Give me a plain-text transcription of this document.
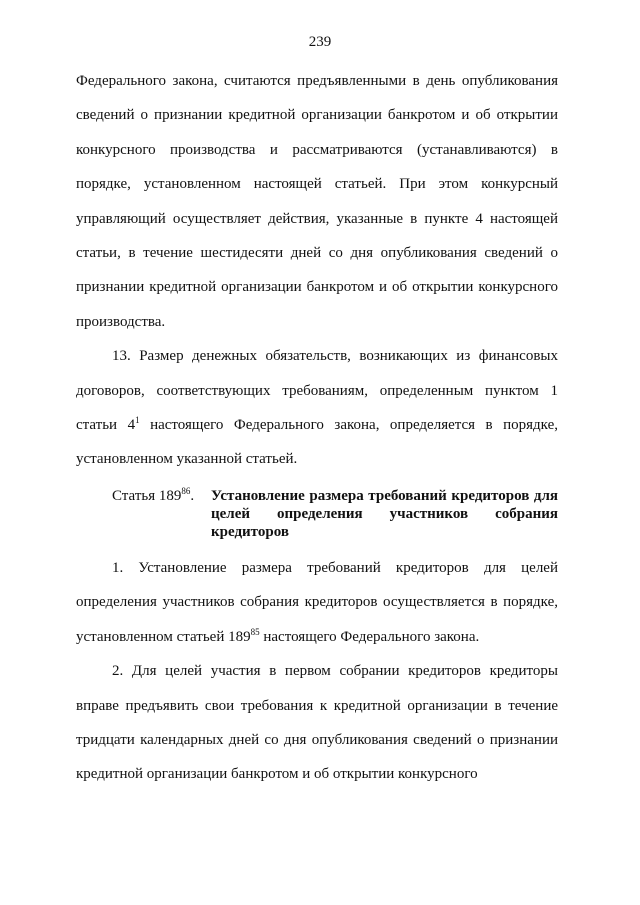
239

Федерального закона, считаются предъявленными в день опубликования сведений о признании кредитной организации банкротом и об открытии конкурсного производства и рассматриваются (устанавливаются) в порядке, установленном настоящей статьей. При этом конкурсный управляющий осуществляет действия, указанные в пункте 4 настоящей статьи, в течение шестидесяти дней со дня опубликования сведений о признании кредитной организации банкротом и об открытии конкурсного производства.

13. Размер денежных обязательств, возникающих из финансовых договоров, соответствующих требованиям, определенным пунктом 1 статьи $4^1$ настоящего Федерального закона, определяется в порядке, установленном указанной статьей.

Статья $189^{86}$. Установление размера требований кредиторов для целей определения участников собрания кредиторов

1. Установление размера требований кредиторов для целей определения участников собрания кредиторов осуществляется в порядке, установленном статьей $189^{85}$ настоящего Федерального закона.

2. Для целей участия в первом собрании кредиторов кредиторы вправе предъявить свои требования к кредитной организации в течение тридцати календарных дней со дня опубликования сведений о признании кредитной организации банкротом и об открытии конкурсного
